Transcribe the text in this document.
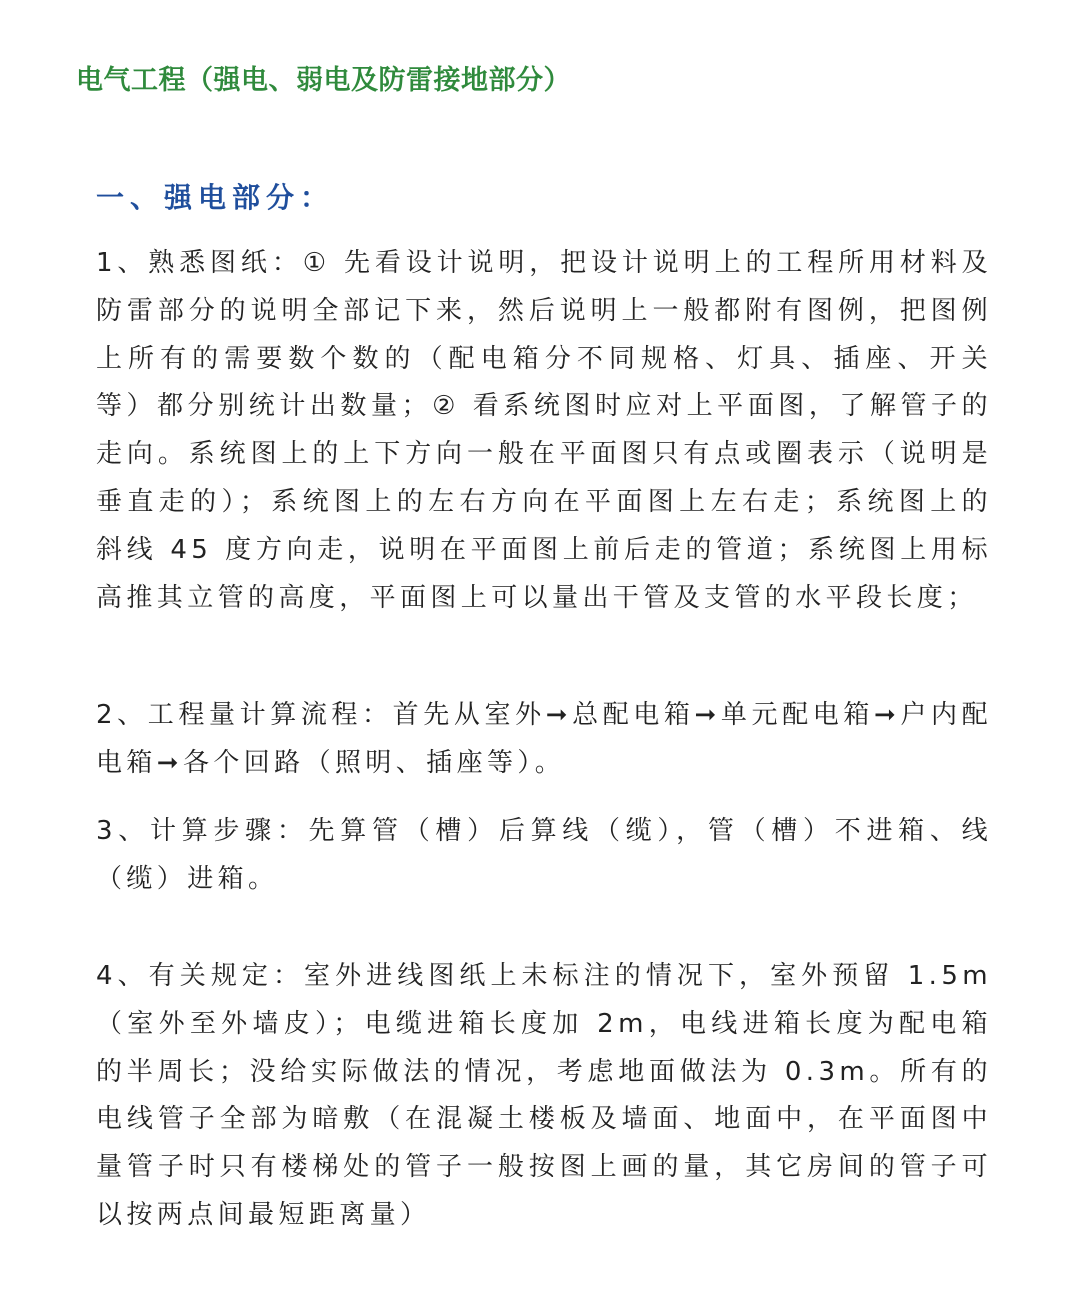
电气工程（强电、弱电及防雷接地部分）
一、强电部分：

1、熟悉图纸：① 先看设计说明，把设计说明上的工程所用材料及防雷部分的说明全部记下来，然后说明上一般都附有图例，把图例上所有的需要数个数的（配电箱分不同规格、灯具、插座、开关等）都分别统计出数量；② 看系统图时应对上平面图，了解管子的走向。系统图上的上下方向一般在平面图只有点或圈表示（说明是垂直走的）；系统图上的左右方向在平面图上左右走；系统图上的斜线 45 度方向走，说明在平面图上前后走的管道；系统图上用标高推其立管的高度，平面图上可以量出干管及支管的水平段长度；

2、工程量计算流程：首先从室外➞总配电箱➞单元配电箱➞户内配电箱➞各个回路（照明、插座等）。

3、计算步骤：先算管（槽）后算线（缆），管（槽）不进箱、线（缆）进箱。

4、有关规定：室外进线图纸上未标注的情况下，室外预留 1.5m（室外至外墙皮）；电缆进箱长度加 2m，电线进箱长度为配电箱的半周长；没给实际做法的情况，考虑地面做法为 0.3m。所有的电线管子全部为暗敷（在混凝土楼板及墙面、地面中，在平面图中量管子时只有楼梯处的管子一般按图上画的量，其它房间的管子可以按两点间最短距离量）
